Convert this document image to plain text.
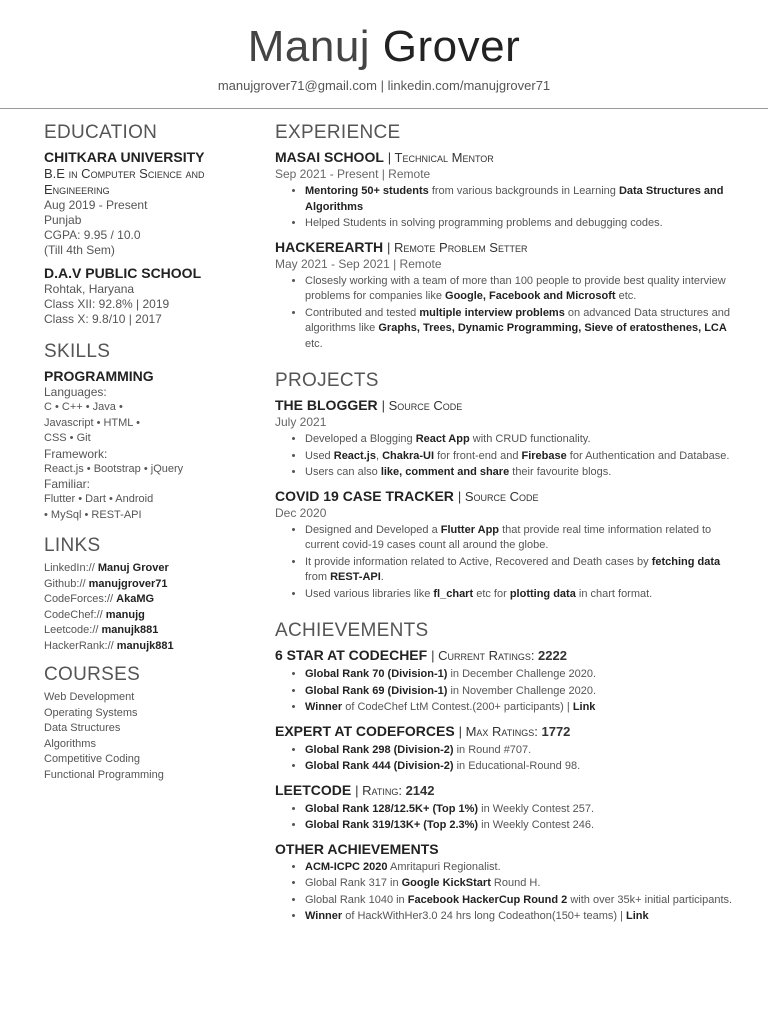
Manuj Grover
manujgrover71@gmail.com | linkedin.com/manujgrover71
EDUCATION
CHITKARA UNIVERSITY
B.E in Computer Science and Engineering
Aug 2019 - Present
Punjab
CGPA: 9.95 / 10.0
(Till 4th Sem)
D.A.V PUBLIC SCHOOL
Rohtak, Haryana
Class XII: 92.8% | 2019
Class X: 9.8/10 | 2017
SKILLS
PROGRAMMING
Languages:
C • C++ • Java •
Javascript • HTML •
CSS • Git
Framework:
React.js • Bootstrap • jQuery
Familiar:
Flutter • Dart • Android
• MySql • REST-API
LINKS
LinkedIn:// Manuj Grover
Github:// manujgrover71
CodeForces:// AkaMG
CodeChef:// manujg
Leetcode:// manujk881
HackerRank:// manujk881
COURSES
Web Development
Operating Systems
Data Structures
Algorithms
Competitive Coding
Functional Programming
EXPERIENCE
MASAI SCHOOL | Technical Mentor
Sep 2021 - Present | Remote
• Mentoring 50+ students from various backgrounds in Learning Data Structures and Algorithms
• Helped Students in solving programming problems and debugging codes.
HACKEREARTH | Remote Problem Setter
May 2021 - Sep 2021 | Remote
• Closesly working with a team of more than 100 people to provide best quality interview problems for companies like Google, Facebook and Microsoft etc.
• Contributed and tested multiple interview problems on advanced Data structures and algorithms like Graphs, Trees, Dynamic Programming, Sieve of eratosthenes, LCA etc.
PROJECTS
THE BLOGGER | Source Code
July 2021
• Developed a Blogging React App with CRUD functionality.
• Used React.js, Chakra-UI for front-end and Firebase for Authentication and Database.
• Users can also like, comment and share their favourite blogs.
COVID 19 CASE TRACKER | Source Code
Dec 2020
• Designed and Developed a Flutter App that provide real time information related to current covid-19 cases count all around the globe.
• It provide information related to Active, Recovered and Death cases by fetching data from REST-API.
• Used various libraries like fl_chart etc for plotting data in chart format.
ACHIEVEMENTS
6 STAR AT CODECHEF | Current Ratings: 2222
• Global Rank 70 (Division-1) in December Challenge 2020.
• Global Rank 69 (Division-1) in November Challenge 2020.
• Winner of CodeChef LtM Contest.(200+ participants) | Link
EXPERT AT CODEFORCES | Max Ratings: 1772
• Global Rank 298 (Division-2) in Round #707.
• Global Rank 444 (Division-2) in Educational-Round 98.
LEETCODE | Rating: 2142
• Global Rank 128/12.5K+ (Top 1%) in Weekly Contest 257.
• Global Rank 319/13K+ (Top 2.3%) in Weekly Contest 246.
OTHER ACHIEVEMENTS
• ACM-ICPC 2020 Amritapuri Regionalist.
• Global Rank 317 in Google KickStart Round H.
• Global Rank 1040 in Facebook HackerCup Round 2 with over 35k+ initial participants.
• Winner of HackWithHer3.0 24 hrs long Codeathon(150+ teams) | Link
